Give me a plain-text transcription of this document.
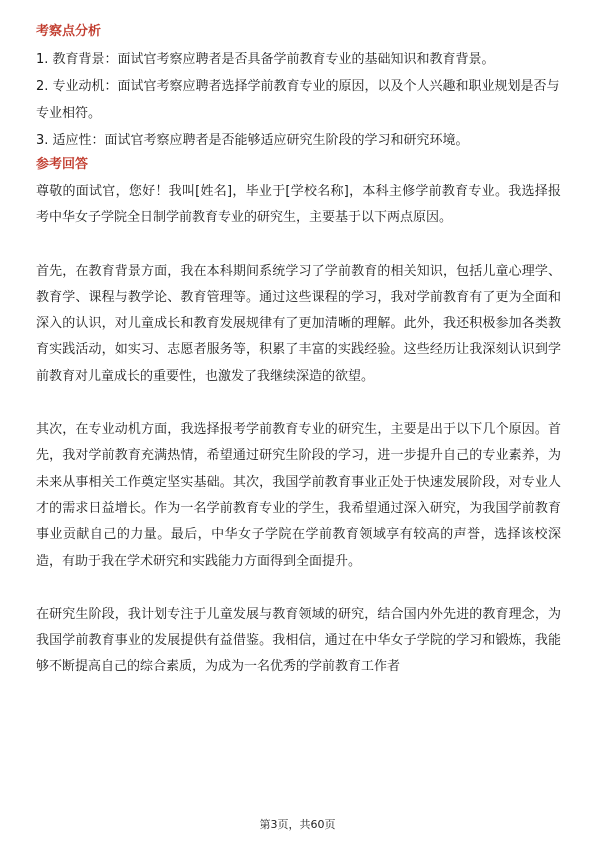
考察点分析

1. 教育背景：面试官考察应聘者是否具备学前教育专业的基础知识和教育背景。

2. 专业动机：面试官考察应聘者选择学前教育专业的原因，以及个人兴趣和职业规划是否与专业相符。

3. 适应性：面试官考察应聘者是否能够适应研究生阶段的学习和研究环境。

参考回答

尊敬的面试官，您好！我叫[姓名]，毕业于[学校名称]，本科主修学前教育专业。我选择报考中华女子学院全日制学前教育专业的研究生，主要基于以下两点原因。

首先，在教育背景方面，我在本科期间系统学习了学前教育的相关知识，包括儿童心理学、教育学、课程与教学论、教育管理等。通过这些课程的学习，我对学前教育有了更为全面和深入的认识，对儿童成长和教育发展规律有了更加清晰的理解。此外，我还积极参加各类教育实践活动，如实习、志愿者服务等，积累了丰富的实践经验。这些经历让我深刻认识到学前教育对儿童成长的重要性，也激发了我继续深造的欲望。

其次，在专业动机方面，我选择报考学前教育专业的研究生，主要是出于以下几个原因。首先，我对学前教育充满热情，希望通过研究生阶段的学习，进一步提升自己的专业素养，为未来从事相关工作奠定坚实基础。其次，我国学前教育事业正处于快速发展阶段，对专业人才的需求日益增长。作为一名学前教育专业的学生，我希望通过深入研究，为我国学前教育事业贡献自己的力量。最后，中华女子学院在学前教育领域享有较高的声誉，选择该校深造，有助于我在学术研究和实践能力方面得到全面提升。

在研究生阶段，我计划专注于儿童发展与教育领域的研究，结合国内外先进的教育理念，为我国学前教育事业的发展提供有益借鉴。我相信，通过在中华女子学院的学习和锻炼，我能够不断提高自己的综合素质，为成为一名优秀的学前教育工作者

第3页，共60页
